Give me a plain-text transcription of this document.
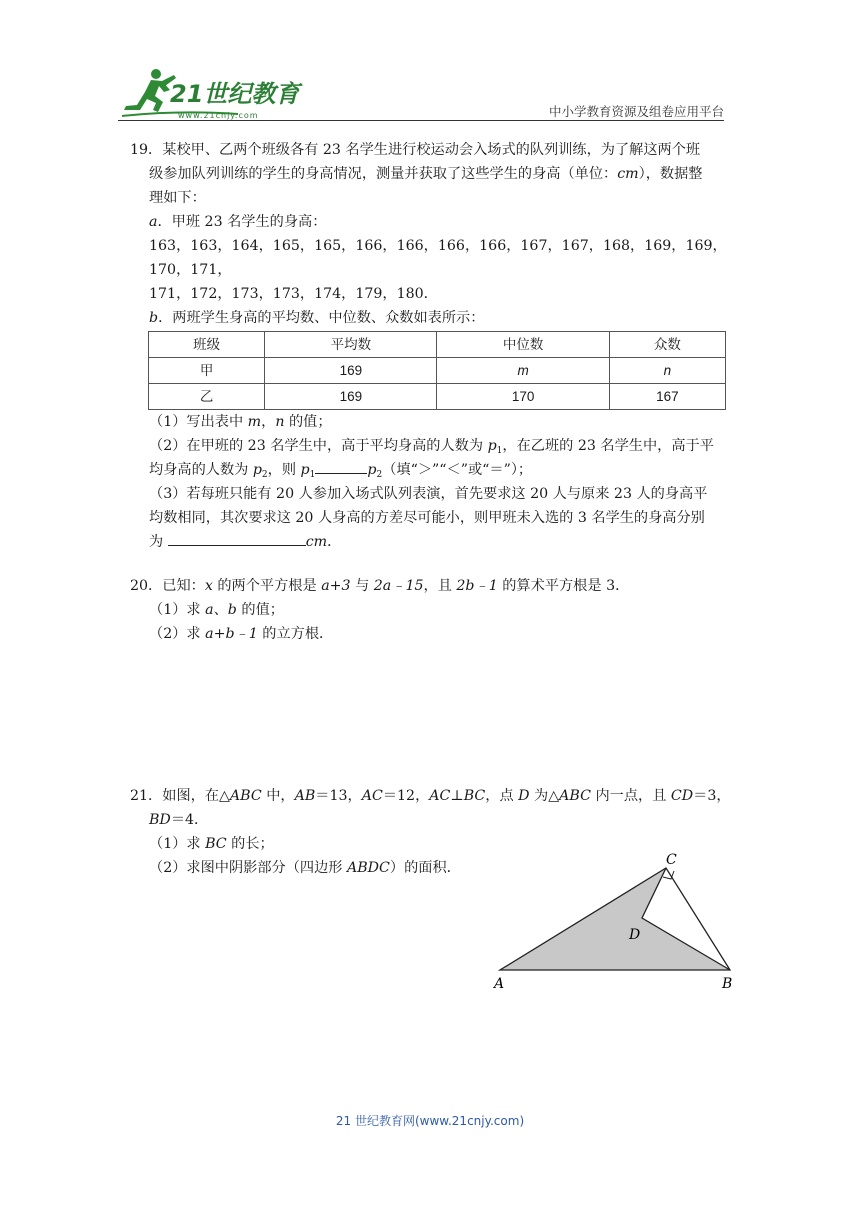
21世纪教育
www.21cnjy.com	中小学教育资源及组卷应用平台

19．某校甲、乙两个班级各有 23 名学生进行校运动会入场式的队列训练，为了解这两个班

级参加队列训练的学生的身高情况，测量并获取了这些学生的身高（单位：cm），数据整

理如下：

a．甲班 23 名学生的身高：

163，163，164，165，165，166，166，166，166，167，167，168，169，169，170，171，

171，172，173，173，174，179，180．

b．两班学生身高的平均数、中位数、众数如表所示：

班级	平均数	中位数	众数
甲	169	m	n
乙	169	170	167

（1）写出表中 m，n 的值；

（2）在甲班的 23 名学生中，高于平均身高的人数为 $p_1$，在乙班的 23 名学生中，高于平

均身高的人数为 $p_2$，则 $p_1$	$p_2$（填“＞”“＜”或“＝”）；

（3）若每班只能有 20 人参加入场式队列表演，首先要求这 20 人与原来 23 人的身高平

均数相同，其次要求这 20 人身高的方差尽可能小，则甲班未入选的 3 名学生的身高分别

为	cm．

20．已知：x 的两个平方根是 a+3 与 2a﹣15，且 2b﹣1 的算术平方根是 3．

（1）求 a、b 的值；

（2）求 a+b﹣1 的立方根．

21．如图，在△ABC 中，AB＝13，AC＝12，AC⊥BC，点 D 为△ABC 内一点，且 CD＝3，

BD＝4．

（1）求 BC 的长；

（2）求图中阴影部分（四边形 ABDC）的面积．

A	B
C
D
21 世纪教育网(www.21cnjy.com)
